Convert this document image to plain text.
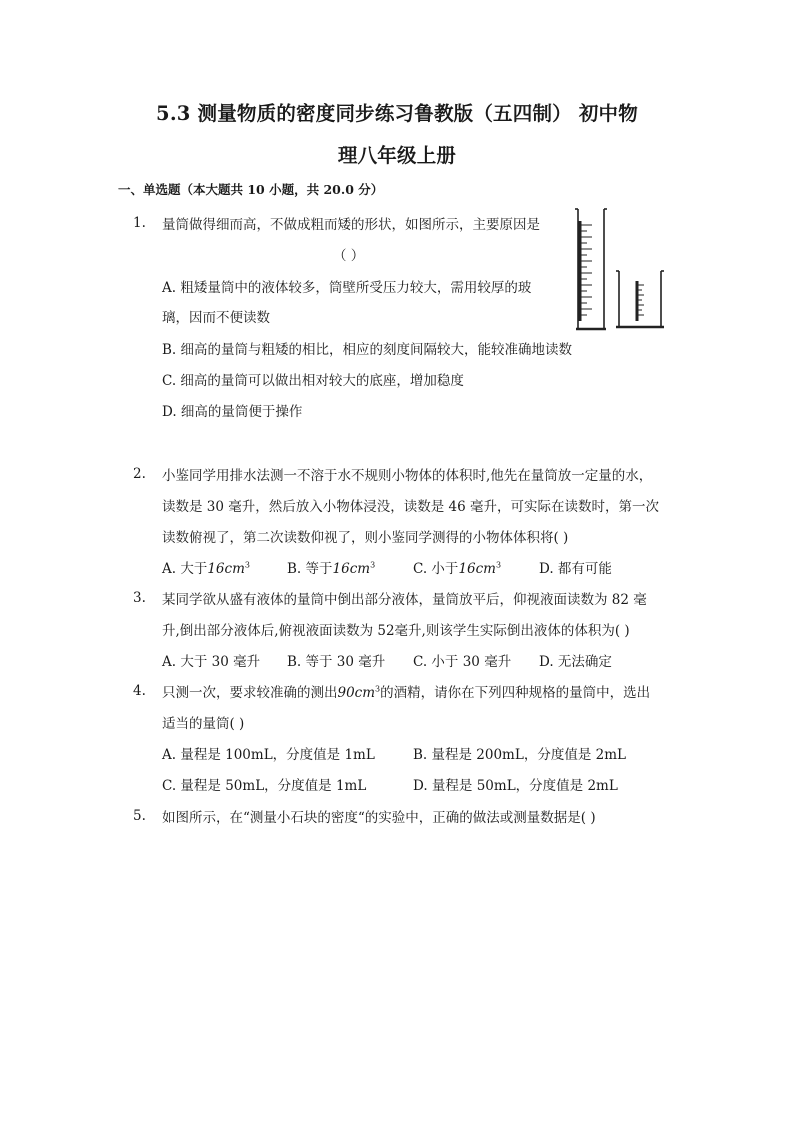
5.3 测量物质的密度同步练习鲁教版（五四制） 初中物
理八年级上册
一、单选题（本大题共 10 小题，共 20.0 分）
1. 量筒做得细而高，不做成粗而矮的形状，如图所示，主要原因是
（ ）
A. 粗矮量筒中的液体较多，筒壁所受压力较大，需用较厚的玻
璃，因而不便读数
B. 细高的量筒与粗矮的相比，相应的刻度间隔较大，能较准确地读数
C. 细高的量筒可以做出相对较大的底座，增加稳度
D. 细高的量筒便于操作
2. 小鉴同学用排水法测一不溶于水不规则小物体的体积时,他先在量筒放一定量的水，
读数是 30 毫升，然后放入小物体浸没，读数是 46 毫升，可实际在读数时，第一次
读数俯视了，第二次读数仰视了，则小鉴同学测得的小物体体积将( )
A. 大于$16cm^3$	B. 等于$16cm^3$	C. 小于$16cm^3$	D. 都有可能
3. 某同学欲从盛有液体的量筒中倒出部分液体，量筒放平后，仰视液面读数为 82 毫
升,倒出部分液体后,俯视液面读数为 52毫升,则该学生实际倒出液体的体积为( )
A. 大于 30 毫升 B. 等于 30 毫升 C. 小于 30 毫升 D. 无法确定
4. 只测一次，要求较准确的测出$90cm^3$的酒精，请你在下列四种规格的量筒中，选出
适当的量筒( )
A. 量程是 100mL，分度值是 1mL	B. 量程是 200mL，分度值是 2mL
C. 量程是 50mL，分度值是 1mL	D. 量程是 50mL，分度值是 2mL
5. 如图所示，在“测量小石块的密度“的实验中，正确的做法或测量数据是( )
